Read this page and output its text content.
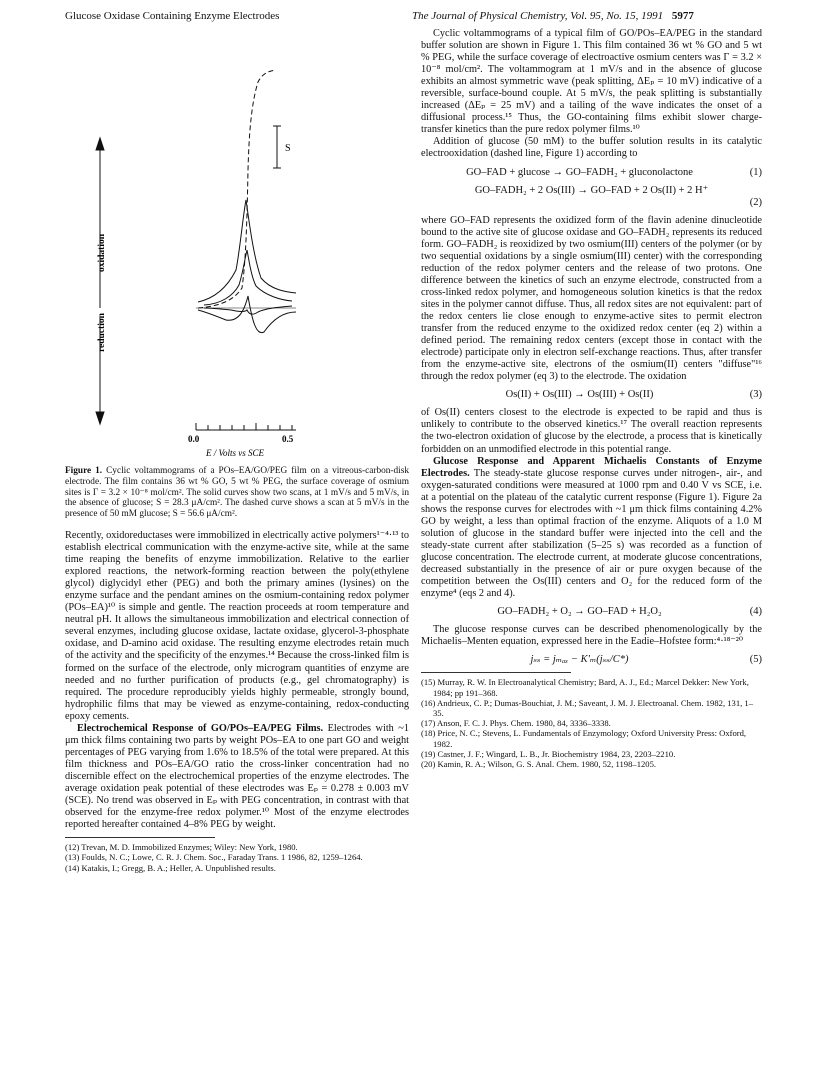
Glucose Oxidase Containing Enzyme Electrodes	The Journal of Physical Chemistry, Vol. 95, No. 15, 1991 5977
oxidation
reduction
0.0	0.5
E / Volts vs SCE
S
Figure 1. Cyclic voltammograms of a POs–EA/GO/PEG film on a vitreous-carbon-disk electrode. The film contains 36 wt % GO, 5 wt % PEG, the surface coverage of osmium sites is Γ = 3.2 × 10⁻⁸ mol/cm². The solid curves show two scans, at 1 mV/s and 5 mV/s, in the absence of glucose; S = 28.3 μA/cm². The dashed curve shows a scan at 5 mV/s in the presence of 50 mM glucose; S = 56.6 μA/cm².

Recently, oxidoreductases were immobilized in electrically active polymers¹⁻⁴·¹³ to establish electrical communication with the enzyme-active site, while at the same time reaping the benefits of enzyme immobilization. Relative to the earlier explored reactions, the network-forming reaction between the poly(ethylene glycol) diglycidyl ether (PEG) and both the primary amines (lysines) on the enzyme surface and the pendant amines on the osmium-containing redox polymer (POs–EA)¹⁰ is simple and gentle. The reaction proceeds at room temperature and neutral pH. It allows the simultaneous immobilization and electrical connection of several enzymes, including glucose oxidase, lactate oxidase, glycerol-3-phosphate oxidase, and D-amino acid oxidase. The resulting enzyme electrodes retain much of the activity and the specificity of the enzymes.¹⁴ Because the cross-linked film is formed on the surface of the electrode, only microgram quantities of enzyme are needed and no further purification of products (e.g., gel chromatography) is required. The procedure reproducibly yields highly permeable, strongly bound, hydrophilic films that may be viewed as enzyme-containing, redox-conducting epoxy cements.

Electrochemical Response of GO/POs–EA/PEG Films. Electrodes with ~1 μm thick films containing two parts by weight POs–EA to one part GO and weight percentages of PEG varying from 1.6% to 18.5% of the total were prepared. At this film thickness and POs–EA/GO ratio the cross-linker concentration had no discernible effect on the electrochemical properties of the enzyme electrodes. The average oxidation peak potential of these electrodes was Eₚ = 0.278 ± 0.003 mV (SCE). No trend was observed in Eₚ with PEG concentration, in contrast with that observed for the enzyme-free redox polymer.¹⁰ Most of the enzyme electrodes reported hereafter contained 4–8% PEG by weight.

(12) Trevan, M. D. Immobilized Enzymes; Wiley: New York, 1980.
(13) Foulds, N. C.; Lowe, C. R. J. Chem. Soc., Faraday Trans. 1 1986, 82, 1259–1264.
(14) Katakis, I.; Gregg, B. A.; Heller, A. Unpublished results.

Cyclic voltammograms of a typical film of GO/POs–EA/PEG in the standard buffer solution are shown in Figure 1. This film contained 36 wt % GO and 5 wt % PEG, while the surface coverage of electroactive osmium centers was Γ = 3.2 × 10⁻⁸ mol/cm². The voltammogram at 1 mV/s and in the absence of glucose exhibits an almost symmetric wave (peak splitting, ΔEₚ = 10 mV) indicative of a reversible, surface-bound couple. At 5 mV/s, the peak splitting is substantially increased (ΔEₚ = 25 mV) and a tailing of the wave indicates the onset of a diffusional process.¹⁵ Thus, the GO-containing films exhibit slower charge-transfer kinetics than the pure redox polymer films.¹⁰

Addition of glucose (50 mM) to the buffer solution results in its catalytic electrooxidation (dashed line, Figure 1) according to

GO–FAD + glucose → GO–FADH₂ + gluconolactone	(1)
GO–FADH₂ + 2 Os(III) → GO–FAD + 2 Os(II) + 2 H⁺
(2)

where GO–FAD represents the oxidized form of the flavin adenine dinucleotide bound to the active site of glucose oxidase and GO–FADH₂ represents its reduced form. GO–FADH₂ is reoxidized by two osmium(III) centers of the polymer (or by two sequential oxidations by a single osmium(III) center) with the corresponding reduction of the redox polymer centers and the release of two protons. One difference between the kinetics of such an enzyme electrode, constructed from a cross-linked redox polymer, and homogeneous solution kinetics is that the redox sites in the polymer cannot diffuse. Thus, all redox sites are not equivalent: part of the redox centers lie close enough to enzyme-active sites to permit electron transfer from the reduced enzyme to the oxidized redox center (eq 2) within a defined period. The remaining redox centers (except those in contact with the electrode) participate only in electron self-exchange reactions. Thus, after transfer from the enzyme-active site, electrons of the osmium(II) centers "diffuse"¹⁶ through the redox polymer (eq 3) to the electrode. The oxidation

Os(II) + Os(III) → Os(III) + Os(II)	(3)

of Os(II) centers closest to the electrode is expected to be rapid and thus is unlikely to contribute to the observed kinetics.¹⁷ The overall reaction represents the two-electron oxidation of glucose by the electrode, a process that is kinetically forbidden on an unmodified electrode in this potential range.

Glucose Response and Apparent Michaelis Constants of Enzyme Electrodes. The steady-state glucose response curves under nitrogen-, air-, and oxygen-saturated conditions were measured at 1000 rpm and 0.40 V vs SCE, i.e. at a potential on the plateau of the catalytic current response (Figure 1). Figure 2a shows the response curves for electrodes with ~1 μm thick films containing 4.2% GO by weight, a less than optimal fraction of the enzyme. Aliquots of a 1.0 M solution of glucose in the standard buffer were injected into the cell and the steady-state current after stabilization (5–25 s) was recorded as a function of glucose concentration. The electrode current, at moderate glucose concentrations, decreased substantially in the presence of air or pure oxygen because of the competition between the Os(III) centers and O₂ for the reduced form of the enzyme⁴ (eqs 2 and 4).

GO–FADH₂ + O₂ → GO–FAD + H₂O₂	(4)

The glucose response curves can be described phenomenologically by the Michaelis–Menten equation, expressed here in the Eadie–Hofstee form:⁴·¹⁸⁻²⁰

jₛₛ = jₘₐₓ − K'ₘ(jₛₛ/C*)	(5)
(15) Murray, R. W. In Electroanalytical Chemistry; Bard, A. J., Ed.; Marcel Dekker: New York, 1984; pp 191–368.
(16) Andrieux, C. P.; Dumas-Bouchiat, J. M.; Saveant, J. M. J. Electroanal. Chem. 1982, 131, 1–35.
(17) Anson, F. C. J. Phys. Chem. 1980, 84, 3336–3338.
(18) Price, N. C.; Stevens, L. Fundamentals of Enzymology; Oxford University Press: Oxford, 1982.
(19) Castner, J. F.; Wingard, L. B., Jr. Biochemistry 1984, 23, 2203–2210.
(20) Kamin, R. A.; Wilson, G. S. Anal. Chem. 1980, 52, 1198–1205.
